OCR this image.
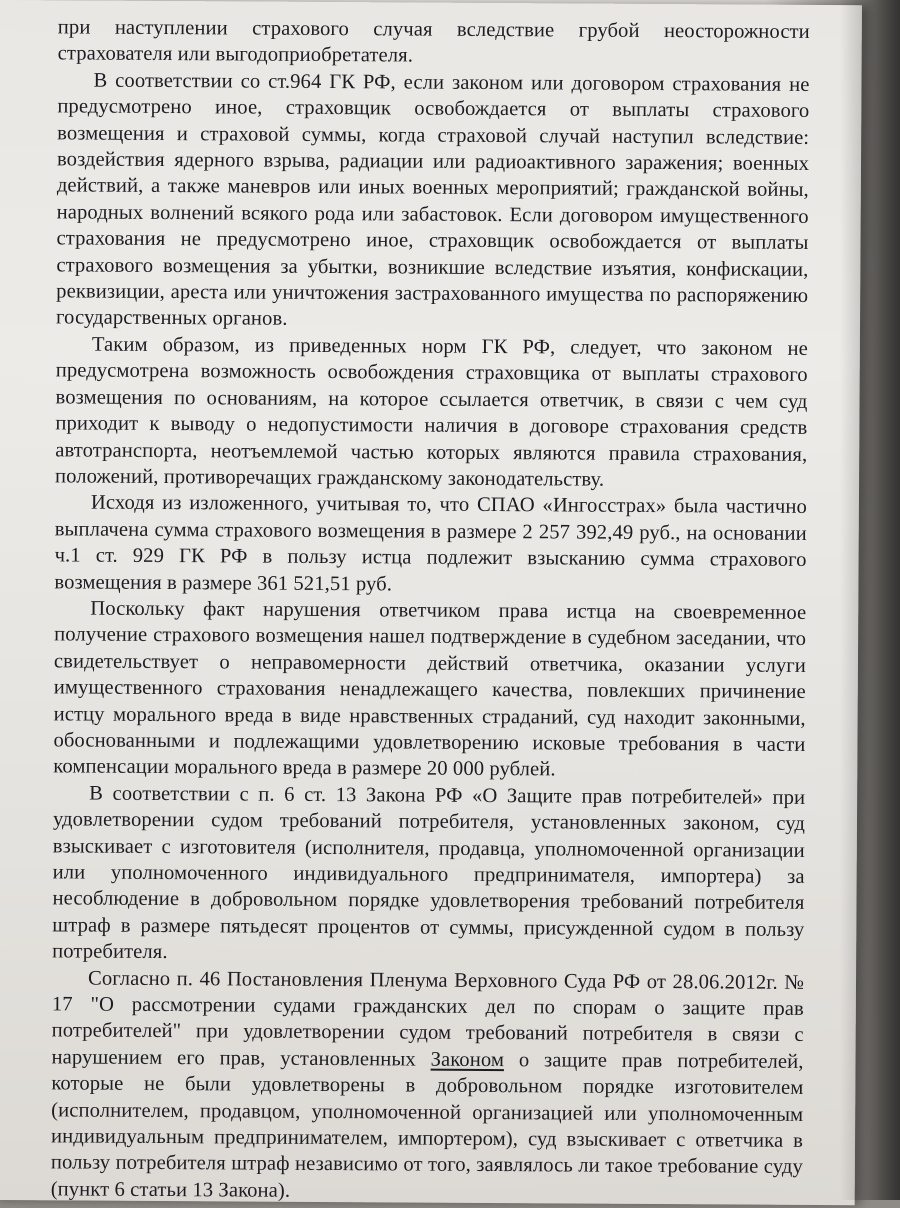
при наступлении страхового случая вследствие грубой неосторожности страхователя или выгодоприобретателя.

В соответствии со ст.964 ГК РФ, если законом или договором страхования не предусмотрено иное, страховщик освобождается от выплаты страхового возмещения и страховой суммы, когда страховой случай наступил вследствие: воздействия ядерного взрыва, радиации или радиоактивного заражения; военных действий, а также маневров или иных военных мероприятий; гражданской войны, народных волнений всякого рода или забастовок. Если договором имущественного страхования не предусмотрено иное, страховщик освобождается от выплаты страхового возмещения за убытки, возникшие вследствие изъятия, конфискации, реквизиции, ареста или уничтожения застрахованного имущества по распоряжению государственных органов.

Таким образом, из приведенных норм ГК РФ, следует, что законом не предусмотрена возможность освобождения страховщика от выплаты страхового возмещения по основаниям, на которое ссылается ответчик, в связи с чем суд приходит к выводу о недопустимости наличия в договоре страхования средств автотранспорта, неотъемлемой частью которых являются правила страхования, положений, противоречащих гражданскому законодательству.

Исходя из изложенного, учитывая то, что СПАО «Ингосстрах» была частично выплачена сумма страхового возмещения в размере 2 257 392,49 руб., на основании ч.1 ст. 929 ГК РФ в пользу истца подлежит взысканию сумма страхового возмещения в размере 361 521,51 руб.

Поскольку факт нарушения ответчиком права истца на своевременное получение страхового возмещения нашел подтверждение в судебном заседании, что свидетельствует о неправомерности действий ответчика, оказании услуги имущественного страхования ненадлежащего качества, повлекших причинение истцу морального вреда в виде нравственных страданий, суд находит законными, обоснованными и подлежащими удовлетворению исковые требования в части компенсации морального вреда в размере 20 000 рублей.

В соответствии с п. 6 ст. 13 Закона РФ «О Защите прав потребителей» при удовлетворении судом требований потребителя, установленных законом, суд взыскивает с изготовителя (исполнителя, продавца, уполномоченной организации или уполномоченного индивидуального предпринимателя, импортера) за несоблюдение в добровольном порядке удовлетворения требований потребителя штраф в размере пятьдесят процентов от суммы, присужденной судом в пользу потребителя.

Согласно п. 46 Постановления Пленума Верховного Суда РФ от 28.06.2012г. № 17 "О рассмотрении судами гражданских дел по спорам о защите прав потребителей" при удовлетворении судом требований потребителя в связи с нарушением его прав, установленных Законом о защите прав потребителей, которые не были удовлетворены в добровольном порядке изготовителем (исполнителем, продавцом, уполномоченной организацией или уполномоченным индивидуальным предпринимателем, импортером), суд взыскивает с ответчика в пользу потребителя штраф независимо от того, заявлялось ли такое требование суду (пункт 6 статьи 13 Закона).
